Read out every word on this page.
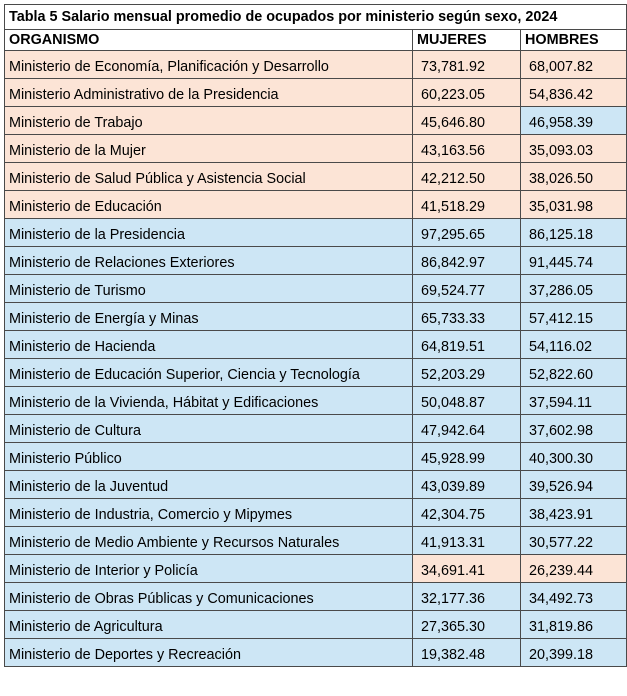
Tabla 5 Salario mensual promedio de ocupados por ministerio según sexo, 2024		
ORGANISMO	MUJERES	HOMBRES
Ministerio de Economía, Planificación y Desarrollo	73,781.92	68,007.82
Ministerio Administrativo de la Presidencia	60,223.05	54,836.42
Ministerio de Trabajo	45,646.80	46,958.39
Ministerio de la Mujer	43,163.56	35,093.03
Ministerio de Salud Pública y Asistencia Social	42,212.50	38,026.50
Ministerio de Educación	41,518.29	35,031.98
Ministerio de la Presidencia	97,295.65	86,125.18
Ministerio de Relaciones Exteriores	86,842.97	91,445.74
Ministerio de Turismo	69,524.77	37,286.05
Ministerio de Energía y Minas	65,733.33	57,412.15
Ministerio de Hacienda	64,819.51	54,116.02
Ministerio de Educación Superior, Ciencia y Tecnología	52,203.29	52,822.60
Ministerio de la Vivienda, Hábitat y Edificaciones	50,048.87	37,594.11
Ministerio de Cultura	47,942.64	37,602.98
Ministerio Público	45,928.99	40,300.30
Ministerio de la Juventud	43,039.89	39,526.94
Ministerio de Industria, Comercio y Mipymes	42,304.75	38,423.91
Ministerio de Medio Ambiente y Recursos Naturales	41,913.31	30,577.22
Ministerio de Interior y Policía	34,691.41	26,239.44
Ministerio de Obras Públicas y Comunicaciones	32,177.36	34,492.73
Ministerio de Agricultura	27,365.30	31,819.86
Ministerio de Deportes y Recreación	19,382.48	20,399.18
